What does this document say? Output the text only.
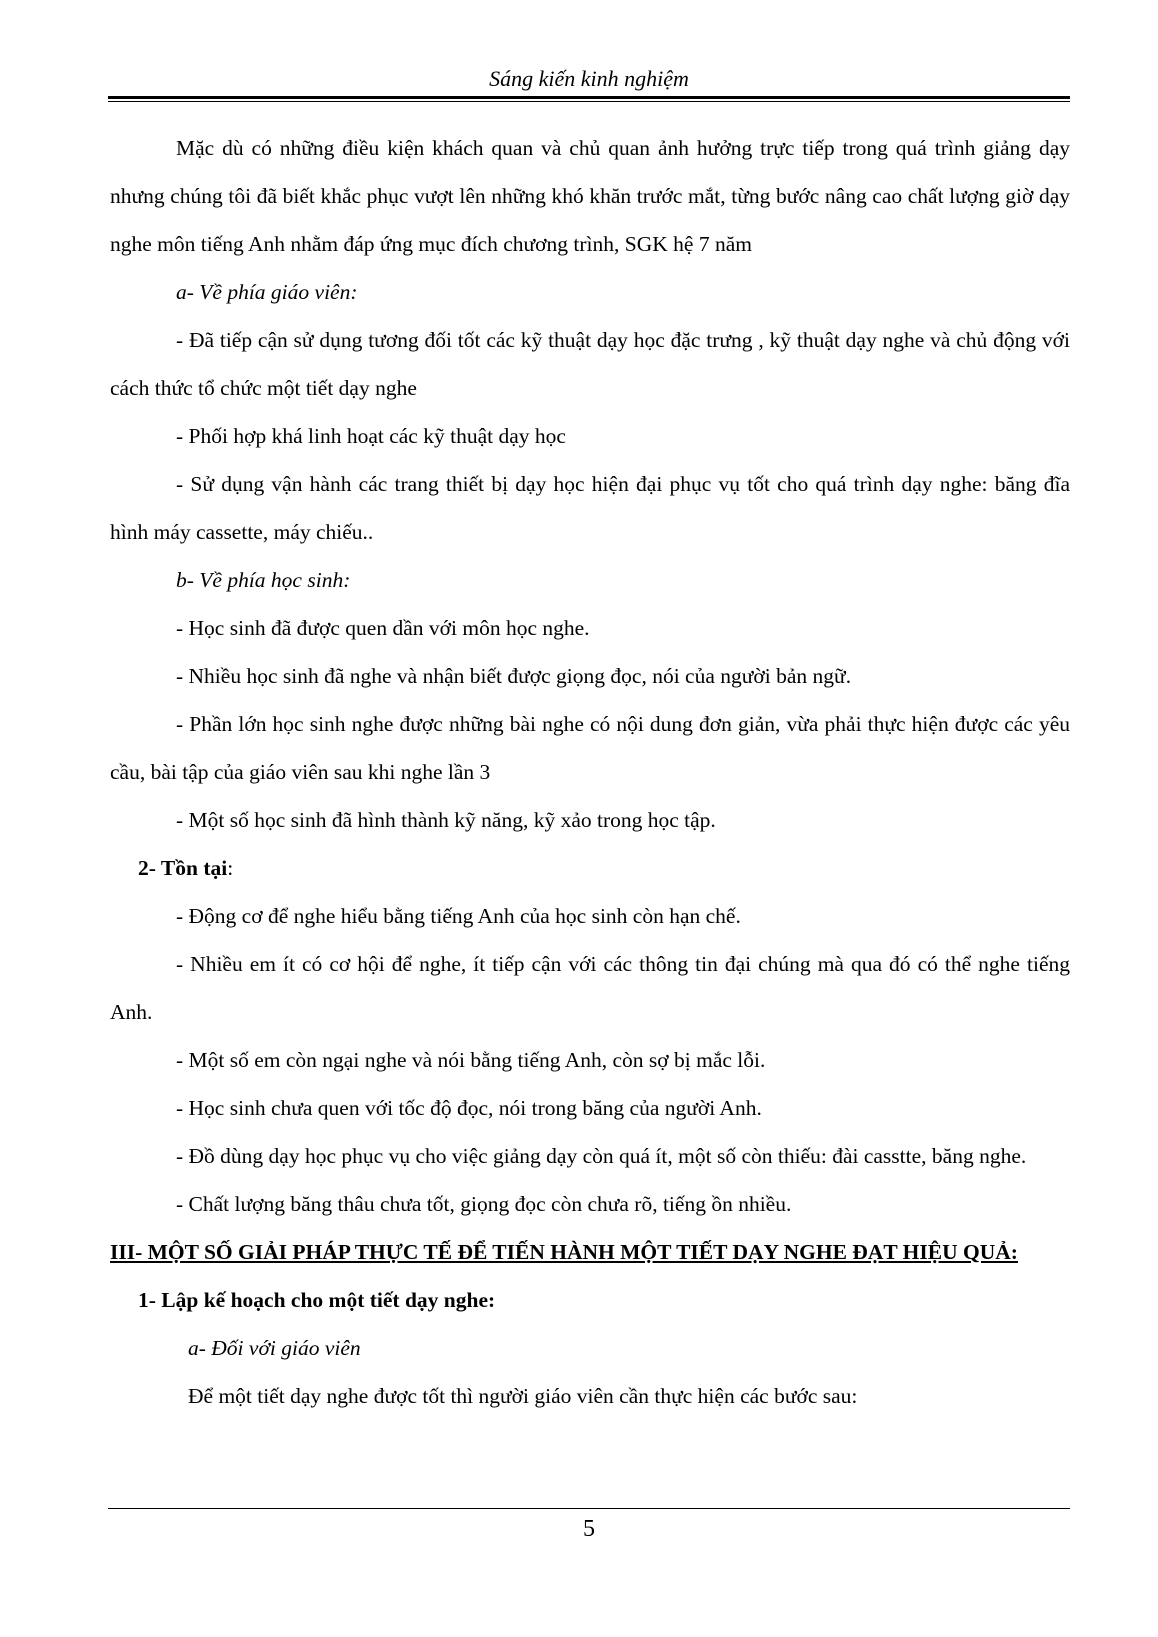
Sáng kiến kinh nghiệm

Mặc dù có những điều kiện khách quan và chủ quan ảnh hưởng trực tiếp trong quá trình giảng dạy nhưng chúng tôi đã biết khắc phục vượt lên những khó khăn trước mắt, từng bước nâng cao chất lượng giờ dạy nghe môn tiếng Anh nhằm đáp ứng mục đích chương trình, SGK hệ 7 năm

a- Về phía giáo viên:

- Đã tiếp cận sử dụng tương đối tốt các kỹ thuật dạy học đặc trưng , kỹ thuật dạy nghe và chủ động với cách thức tổ chức một tiết dạy nghe

- Phối hợp khá linh hoạt các kỹ thuật dạy học

- Sử dụng vận hành các trang thiết bị dạy học hiện đại phục vụ tốt cho quá trình dạy nghe: băng đĩa hình máy cassette, máy chiếu..

b- Về phía học sinh:

- Học sinh đã được quen dần với môn học nghe.

- Nhiều học sinh đã nghe và nhận biết được giọng đọc, nói của người bản ngữ.

- Phần lớn học sinh nghe được những bài nghe có nội dung đơn giản, vừa phải thực hiện được các yêu cầu, bài tập của giáo viên sau khi nghe lần 3

- Một số học sinh đã hình thành kỹ năng, kỹ xảo trong học tập.

2- Tồn tại:

- Động cơ để nghe hiểu bằng tiếng Anh của học sinh còn hạn chế.

- Nhiều em ít có cơ hội để nghe, ít tiếp cận với các thông tin đại chúng mà qua đó có thể nghe tiếng Anh.

- Một số em còn ngại nghe và nói bằng tiếng Anh, còn sợ bị mắc lỗi.

- Học sinh chưa quen với tốc độ đọc, nói trong băng của người Anh.

- Đồ dùng dạy học phục vụ cho việc giảng dạy còn quá ít, một số còn thiếu: đài casstte, băng nghe.

- Chất lượng băng thâu chưa tốt, giọng đọc còn chưa rõ, tiếng ồn nhiều.

III- MỘT SỐ GIẢI PHÁP THỰC TẾ ĐỂ TIẾN HÀNH MỘT TIẾT DẠY NGHE ĐẠT HIỆU QUẢ:

1- Lập kế hoạch cho một tiết dạy nghe:

a- Đối với giáo viên

Để một tiết dạy nghe được tốt thì người giáo viên cần thực hiện các bước sau:

5
